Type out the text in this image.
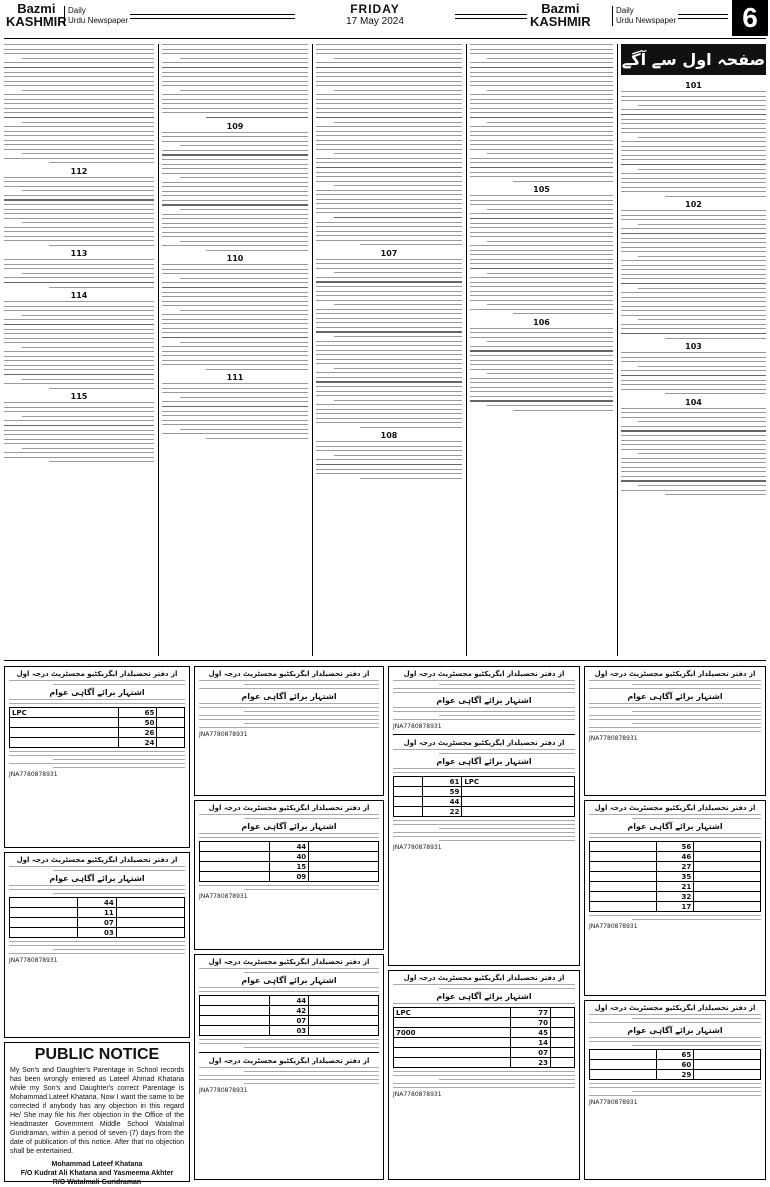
Bazmi
KASHMIR
Daily
Urdu Newspaper
FRIDAY
17 May 2024
Bazmi
KASHMIR
Daily
Urdu Newspaper	6
صفحہ اول سے آگے
101
102
103
104
105
106
107
108
109
110
111
112
113
114
115
از دفتر تحصیلدار ایگزیکٹیو مجسٹریٹ درجہ اول
اشتہار برائے آگاہی عوام
	65	
	60	
	29	
JNA7780878931
از دفتر تحصیلدار ایگزیکٹیو مجسٹریٹ درجہ اول
اشتہار برائے آگاہی عوام
	56	
	46	
	27	
	35	
	21	
	32	
	17	
JNA7780878931
از دفتر تحصیلدار ایگزیکٹیو مجسٹریٹ درجہ اول
اشتہار برائے آگاہی عوام
JNA7780878931
از دفتر تحصیلدار ایگزیکٹیو مجسٹریٹ درجہ اول
اشتہار برائے آگاہی عوام
JNA7780878931
از دفتر تحصیلدار ایگزیکٹیو مجسٹریٹ درجہ اول
اشتہار برائے آگاہی عوام
	61	LPC
	59	
	44	
	22	
JNA7780878931
از دفتر تحصیلدار ایگزیکٹیو مجسٹریٹ درجہ اول
اشتہار برائے آگاہی عوام
LPC	77	
	70	
7000	45	
	14	
	07	
	23	
JNA7780878931
از دفتر تحصیلدار ایگزیکٹیو مجسٹریٹ درجہ اول
اشتہار برائے آگاہی عوام
JNA7780878931
از دفتر تحصیلدار ایگزیکٹیو مجسٹریٹ درجہ اول
اشتہار برائے آگاہی عوام
	44	
	40	
	15	
	09	
JNA7780878931
از دفتر تحصیلدار ایگزیکٹیو مجسٹریٹ درجہ اول
اشتہار برائے آگاہی عوام
	44	
	42	
	07	
	03	
از دفتر تحصیلدار ایگزیکٹیو مجسٹریٹ درجہ اول
JNA7780878931
از دفتر تحصیلدار ایگزیکٹیو مجسٹریٹ درجہ اول
اشتہار برائے آگاہی عوام
LPC	65	
	50	
	26	
	24	
JNA7780878931
از دفتر تحصیلدار ایگزیکٹیو مجسٹریٹ درجہ اول
اشتہار برائے آگاہی عوام
	44	
	11	
	07	
	03	
JNA7780878931
PUBLIC NOTICE
My Son's and Daughter's Parentage in School records has been wrongly entered as Lateef Ahmad Khatana while my Son's and Daughter's correct Parentage is Mohammad Lateef Khatana. Now I want the same to be corrected if anybody has any objection in this regard He/ She may file his /her objection in the Office of the Headmaster Government Middle School Watalmal Guridraman, within a period of seven (7) days from the date of publication of this notice. After that no objection shall be entertained.
Mohammad Lateef Khatana
F/O Kudrat Ali Khatana and Yasmeema Akhter
R/O Watalmali Guridraman
